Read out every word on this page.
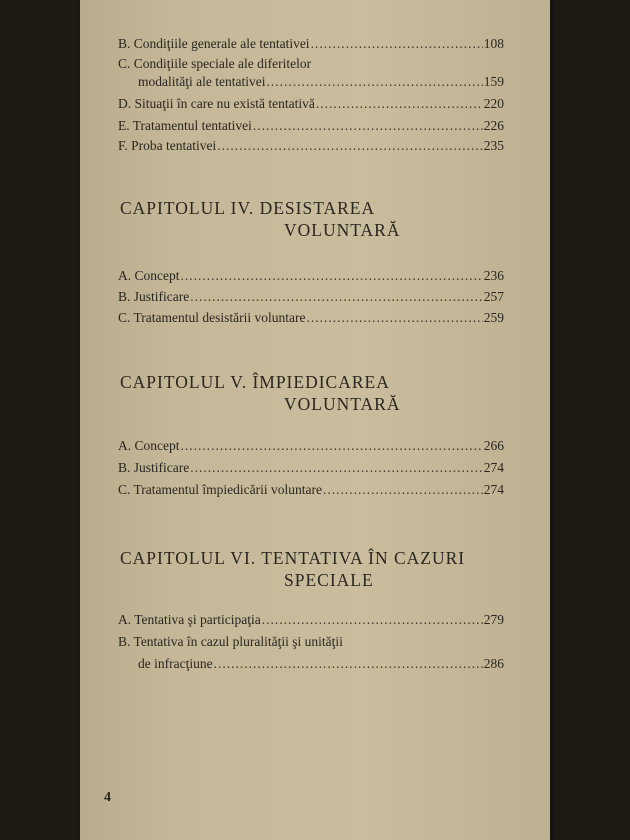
B. Condiţiile generale ale tentativei .....	108
C. Condiţiile speciale ale diferitelor
modalităţi ale tentativei .....	159
D. Situaţii în care nu există tentativă .....	220
E. Tratamentul tentativei .....	226
F. Proba tentativei .....	235
CAPITOLUL IV. DESISTAREA
VOLUNTARĂ
A. Concept .....	236
B. Justificare .....	257
C. Tratamentul desistării voluntare .....	259
CAPITOLUL V. ÎMPIEDICAREA
VOLUNTARĂ
A. Concept .....	266
B. Justificare .....	274
C. Tratamentul împiedicării voluntare .....	274
CAPITOLUL VI. TENTATIVA ÎN CAZURI
SPECIALE
A. Tentativa şi participaţia .....	279
B. Tentativa în cazul pluralităţii şi unităţii
de infracţiune .....	286
4
